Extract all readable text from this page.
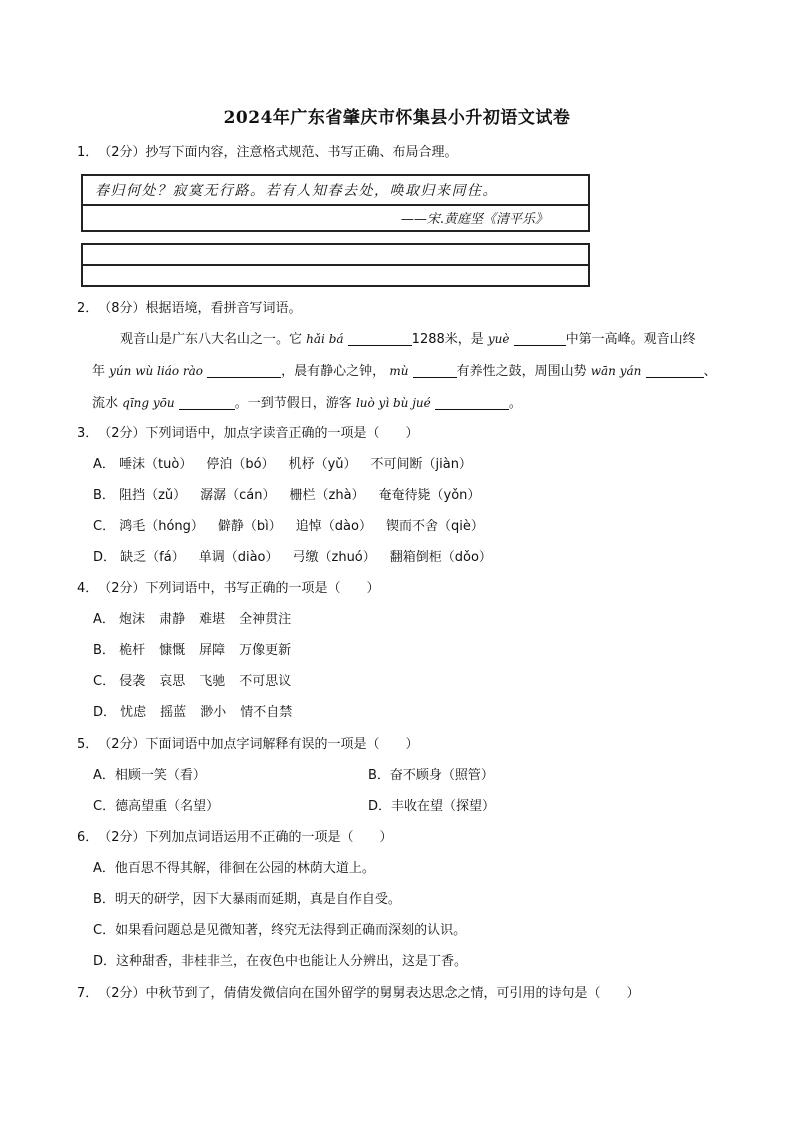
2024年广东省肇庆市怀集县小升初语文试卷
1．（2分）抄写下面内容，注意格式规范、书写正确、布局合理。
春归何处？寂寞无行路。若有人知春去处，唤取归来同住。
——宋.黄庭坚《清平乐》
2．（8分）根据语境，看拼音写词语。
观音山是广东八大名山之一。它 hǎi bá	1288米，是 yuè	中第一高峰。观音山终
年 yún wù liáo rào	，晨有静心之钟， mù	有养性之鼓，周围山势 wān yán	、
流水 qīng yōu	。一到节假日，游客 luò yì bù jué	。
3．（2分）下列词语中，加点字读音正确的一项是（　　）
A． 唾沫（tuò） 停泊（bó） 机杼（yǔ） 不可间断（jiàn）
B． 阻挡（zǔ） 潺潺（cán） 栅栏（zhà） 奄奄待毙（yǒn）
C． 鸿毛（hóng） 僻静（bì） 追悼（dào） 锲而不舍（qiè）
D． 缺乏（fá） 单调（diào） 弓缴（zhuó） 翻箱倒柜（dǒo）
4．（2分）下列词语中，书写正确的一项是（　　）
A． 炮沫 肃静 难堪 全神贯注
B． 桅杆 慷慨 屏障 万像更新
C． 侵袭 哀思 飞驰 不可思议
D． 忧虑 摇蓝 渺小 情不自禁
5．（2分）下面词语中加点字词解释有误的一项是（　　）
A．相顾一笑（看）	B．奋不顾身（照管）
C．德高望重（名望）	D．丰收在望（探望）
6．（2分）下列加点词语运用不正确的一项是（　　）
A．他百思不得其解，徘徊在公园的林荫大道上。
B．明天的研学，因下大暴雨而延期，真是自作自受。
C．如果看问题总是见微知著，终究无法得到正确而深刻的认识。
D．这种甜香，非桂非兰，在夜色中也能让人分辨出，这是丁香。
7．（2分）中秋节到了，倩倩发微信向在国外留学的舅舅表达思念之情，可引用的诗句是（　　）
